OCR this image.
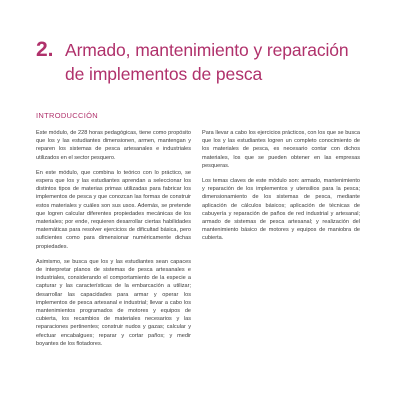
2. Armado, mantenimiento y reparación
de implementos de pesca
INTRODUCCIÓN

Este módulo, de 228 horas pedagógicas, tiene como propósito que los y las estudiantes dimensionen, armen, mantengan y reparen los sistemas de pesca artesanales e industriales utilizados en el sector pesquero.

En este módulo, que combina lo teórico con lo práctico, se espera que los y las estudiantes aprendan a seleccionar los distintos tipos de materias primas utilizadas para fabricar los implementos de pesca y que conozcan las formas de construir estos materiales y cuáles son sus usos. Además, se pretende que logren calcular diferentes propiedades mecánicas de los materiales; por ende, requieren desarrollar ciertas habilidades matemáticas para resolver ejercicios de dificultad básica, pero suficientes como para dimensionar numéricamente dichas propiedades.

Asimismo, se busca que los y las estudiantes sean capaces de interpretar planos de sistemas de pesca artesanales e industriales, considerando el comportamiento de la especie a capturar y las características de la embarcación a utilizar; desarrollar las capacidades para armar y operar los implementos de pesca artesanal e industrial; llevar a cabo los mantenimientos programados de motores y equipos de cubierta, los recambios de materiales necesarios y las reparaciones pertinentes; construir nudos y gazas; calcular y efectuar encabalgues; reparar y cortar paños; y medir boyantes de los flotadores.

Para llevar a cabo los ejercicios prácticos, con los que se busca que los y las estudiantes logren un completo conocimiento de los materiales de pesca, es necesario contar con dichos materiales, los que se pueden obtener en las empresas pesqueras.

Los temas claves de este módulo son: armado, mantenimiento y reparación de los implementos y utensilios para la pesca; dimensionamiento de los sistemas de pesca, mediante aplicación de cálculos básicos; aplicación de técnicas de cabuyería y reparación de paños de red industrial y artesanal; armado de sistemas de pesca artesanal; y realización del mantenimiento básico de motores y equipos de maniobra de cubierta.
